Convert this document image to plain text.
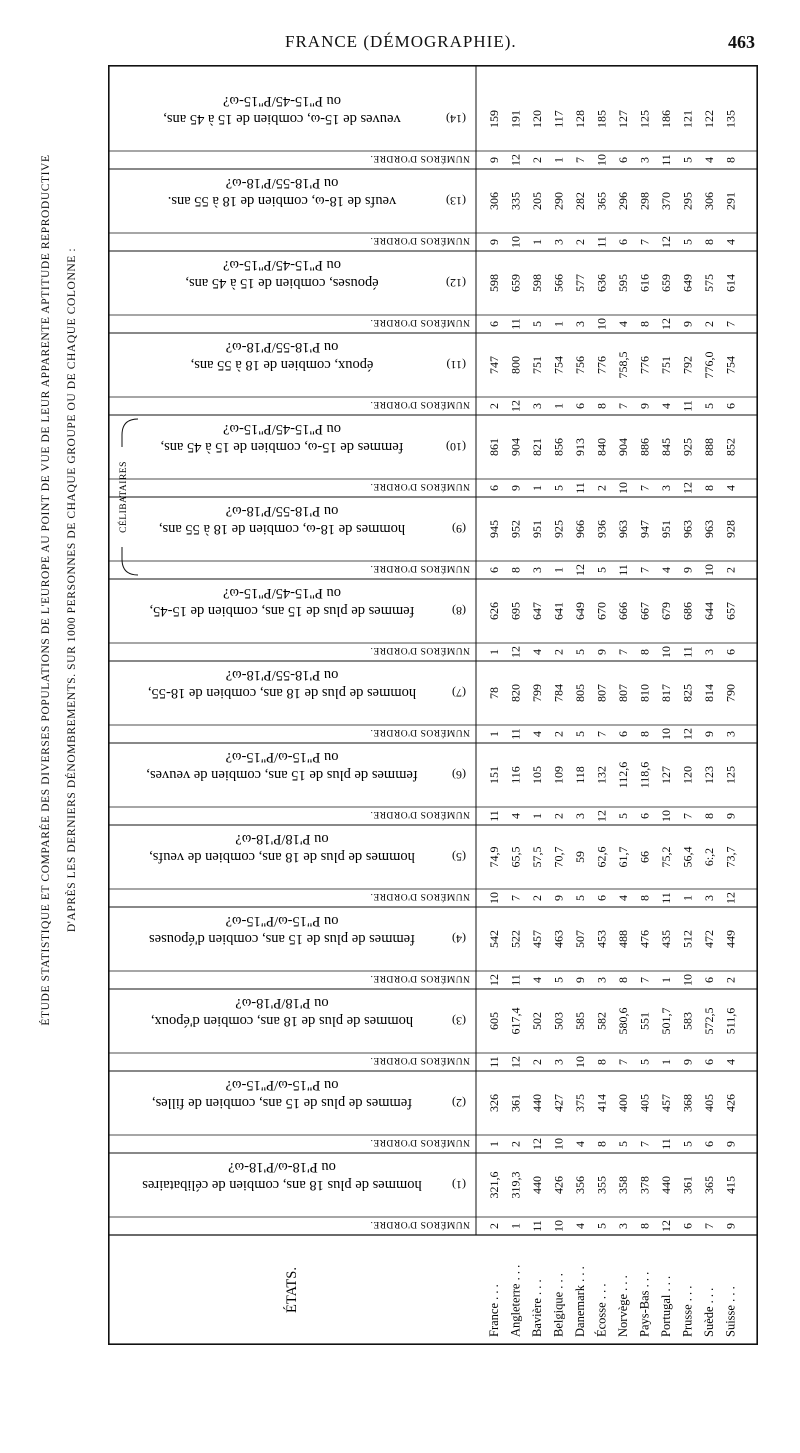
FRANCE (DÉMOGRAPHIE).	463
ÉTUDE STATISTIQUE ET COMPARÉE DES DIVERSES POPULATIONS DE L'EUROPE AU POINT DE VUE DE LEUR APPARENTE APTITUDE REPRODUCTIVE D'APRÈS LES DERNIERS DÉNOMBREMENTS. SUR 1000 PERSONNES DE CHAQUE GROUPE OU DE CHAQUE COLONNE :
ÉTATS.	France . . . Angleterre . . . Bavière . . . Belgique . . . Danemark . . . Écosse . . . Norvège . . . Pays-Bas . . . Portugal . . . Prusse . . . Suède . . . Suisse . . .
NUMÉROS D'ORDRE. 2 1 11 10 4 5 3 8 12 6 7 9
(1)
hommes de plus 18 ans, combien de célibataires
ou P'18-ω/P'18-ω?
321,6 319,3 440 426 356 355 358 378 440 361 365 415
NUMÉROS D'ORDRE. 1 2 12 10 4 8 5 7 11 5 6 9
(2)
femmes de plus de 15 ans, combien de filles,
ou P''15-ω/P''15-ω?
326 361 440 427 375 414 400 405 457 368 405 426
NUMÉROS D'ORDRE. 11 12 2 3 10 8 7 5 1 9 6 4
(3)
hommes de plus de 18 ans, combien d'époux,
ou P'18/P'18-ω?
605 617,4 502 503 585 582 580,6 551 501,7 583 572,5 511,6
NUMÉROS D'ORDRE. 12 11 4 5 9 3 8 7 1 10 6 2
(4)
femmes de plus de 15 ans, combien d'épouses
ou P''15-ω/P''15-ω?
542 522 457 463 507 453 488 476 435 512 472 449
NUMÉROS D'ORDRE. 10 7 2 9 5 6 4 8 11 1 3 12
(5)
hommes de plus de 18 ans, combien de veufs,
ou P'18/P'18-ω?
74,9 65,5 57,5 70,7 59 62,6 61,7 66 75,2 56,4 6:,2 73,7
NUMÉROS D'ORDRE. 11 4 1 2 3 12 5 6 10 7 8 9
(6)
femmes de plus de 15 ans, combien de veuves,
ou P''15-ω/P''15-ω?
151 116 105 109 118 132 112,6 118,6 127 120 123 125
NUMÉROS D'ORDRE. 1 11 4 2 5 7 6 8 10 12 9 3
(7)
hommes de plus de 18 ans, combien de 18-55,
ou P'18-55/P'18-ω?
78 820 799 784 805 807 807 810 817 825 814 790
NUMÉROS D'ORDRE. 1 12 4 2 5 9 7 8 10 11 3 6
(8)
femmes de plus de 15 ans, combien de 15-45,
ou P''15-45/P''15-ω?
626 695 647 641 649 670 666 667 679 686 644 657
NUMÉROS D'ORDRE. 6 8 3 1 12 5 11 7 4 9 10 2
(9)
hommes de 18-ω, combien de 18 à 55 ans,
ou P'18-55/P'18-ω?
945 952 951 925 966 936 963 947 951 963 963 928
NUMÉROS D'ORDRE. 6 9 1 5 11 2 10 7 3 12 8 4
(10)
femmes de 15-ω, combien de 15 à 45 ans,
ou P''15-45/P''15-ω?
861 904 821 856 913 840 904 886 845 925 888 852
NUMÉROS D'ORDRE. 2 12 3 1 6 8 7 9 4 11 5 6
(11)
époux, combien de 18 à 55 ans,
ou P'18-55/P'18-ω?
747 800 751 754 756 776 758,5 776 751 792 776,0 754
NUMÉROS D'ORDRE. 6 11 5 1 3 10 4 8 12 9 2 7
(12)
épouses, combien de 15 à 45 ans,
ou P''15-45/P''15-ω?
598 659 598 566 577 636 595 616 659 649 575 614
NUMÉROS D'ORDRE. 9 10 1 3 2 11 6 7 12 5 8 4
(13)
veufs de 18-ω, combien de 18 à 55 ans.
ou P'18-55/P'18-ω?
306 335 205 290 282 365 296 298 370 295 306 291
NUMÉROS D'ORDRE. 9 12 2 1 7 10 6 3 11 5 4 8
(14)
veuves de 15-ω, combien de 15 à 45 ans,
ou P''15-45/P''15-ω?
159 191 120 117 128 185 127 125 186 121 122 135
CÉLIBATAIRES
